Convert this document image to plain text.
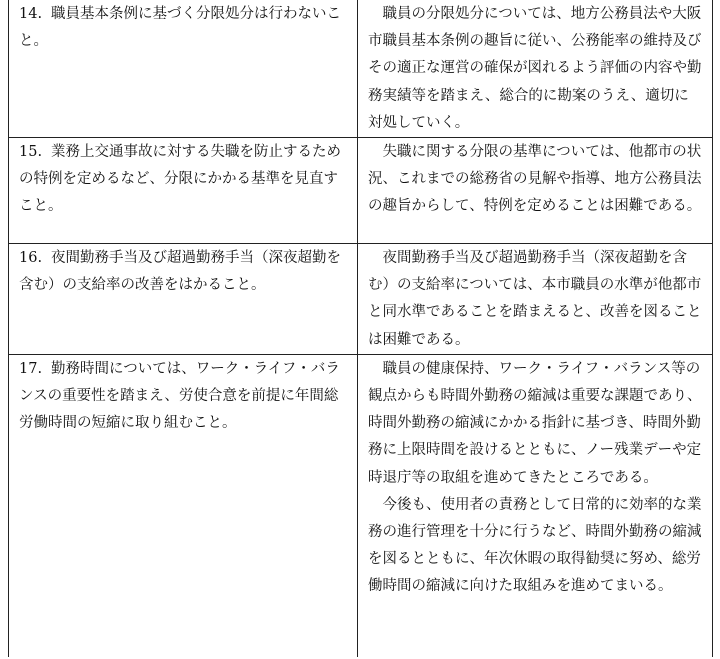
14. 職員基本条例に基づく分限処分は行わないこと。	職員の分限処分については、地方公務員法や大阪市職員基本条例の趣旨に従い、公務能率の維持及びその適正な運営の確保が図れるよう評価の内容や勤務実績等を踏まえ、総合的に勘案のうえ、適切に対処していく。

15. 業務上交通事故に対する失職を防止するための特例を定めるなど、分限にかかる基準を見直すこと。	失職に関する分限の基準については、他都市の状況、これまでの総務省の見解や指導、地方公務員法の趣旨からして、特例を定めることは困難である。

16. 夜間勤務手当及び超過勤務手当（深夜超勤を含む）の支給率の改善をはかること。	夜間勤務手当及び超過勤務手当（深夜超勤を含む）の支給率については、本市職員の水準が他都市と同水準であることを踏まえると、改善を図ることは困難である。

17. 勤務時間については、ワーク・ライフ・バランスの重要性を踏まえ、労使合意を前提に年間総労働時間の短縮に取り組むこと。	職員の健康保持、ワーク・ライフ・バランス等の観点からも時間外勤務の縮減は重要な課題であり、時間外勤務の縮減にかかる指針に基づき、時間外勤務に上限時間を設けるとともに、ノー残業デーや定時退庁等の取組を進めてきたところである。

今後も、使用者の責務として日常的に効率的な業務の進行管理を十分に行うなど、時間外勤務の縮減を図るとともに、年次休暇の取得勧奨に努め、総労働時間の縮減に向けた取組みを進めてまいる。
